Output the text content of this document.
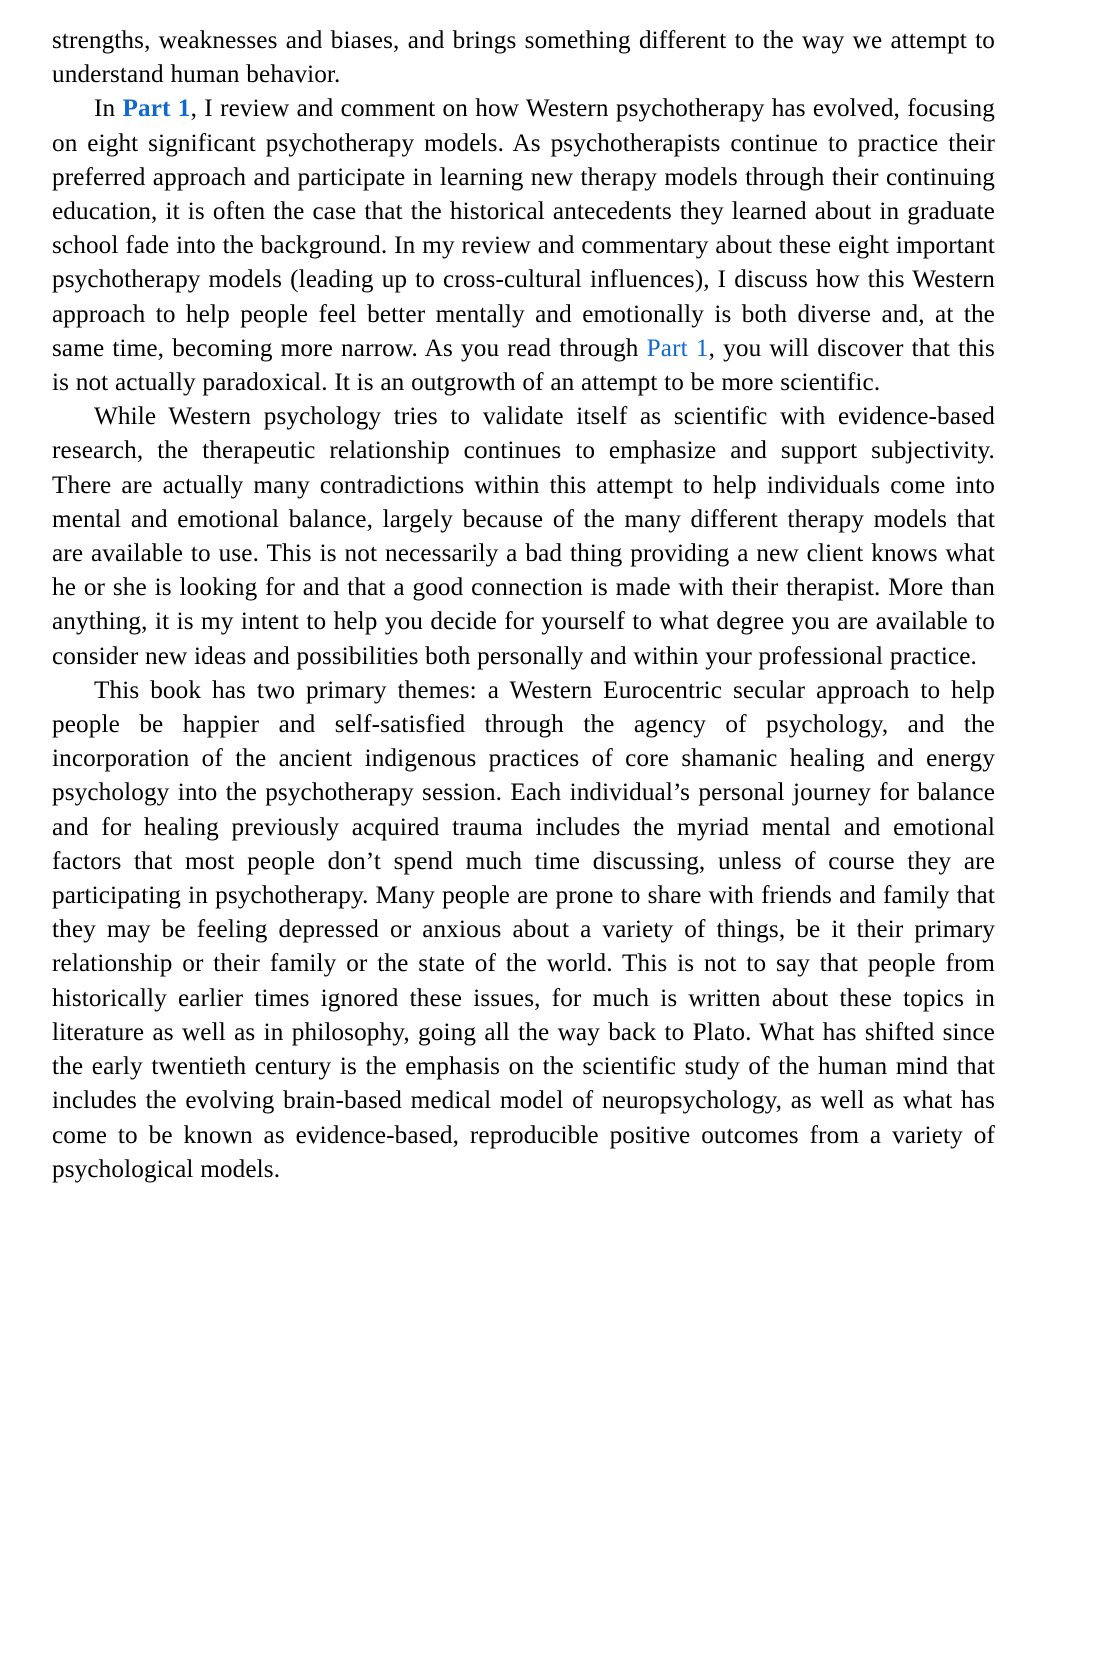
strengths, weaknesses and biases, and brings something different to the way we attempt to understand human behavior.

In Part 1, I review and comment on how Western psychotherapy has evolved, focusing on eight significant psychotherapy models. As psychotherapists continue to practice their preferred approach and participate in learning new therapy models through their continuing education, it is often the case that the historical antecedents they learned about in graduate school fade into the background. In my review and commentary about these eight important psychotherapy models (leading up to cross-cultural influences), I discuss how this Western approach to help people feel better mentally and emotionally is both diverse and, at the same time, becoming more narrow. As you read through Part 1, you will discover that this is not actually paradoxical. It is an outgrowth of an attempt to be more scientific.

While Western psychology tries to validate itself as scientific with evidence-based research, the therapeutic relationship continues to emphasize and support subjectivity. There are actually many contradictions within this attempt to help individuals come into mental and emotional balance, largely because of the many different therapy models that are available to use. This is not necessarily a bad thing providing a new client knows what he or she is looking for and that a good connection is made with their therapist. More than anything, it is my intent to help you decide for yourself to what degree you are available to consider new ideas and possibilities both personally and within your professional practice.

This book has two primary themes: a Western Eurocentric secular approach to help people be happier and self-satisfied through the agency of psychology, and the incorporation of the ancient indigenous practices of core shamanic healing and energy psychology into the psychotherapy session. Each individual’s personal journey for balance and for healing previously acquired trauma includes the myriad mental and emotional factors that most people don’t spend much time discussing, unless of course they are participating in psychotherapy. Many people are prone to share with friends and family that they may be feeling depressed or anxious about a variety of things, be it their primary relationship or their family or the state of the world. This is not to say that people from historically earlier times ignored these issues, for much is written about these topics in literature as well as in philosophy, going all the way back to Plato. What has shifted since the early twentieth century is the emphasis on the scientific study of the human mind that includes the evolving brain-based medical model of neuropsychology, as well as what has come to be known as evidence-based, reproducible positive outcomes from a variety of psychological models.
